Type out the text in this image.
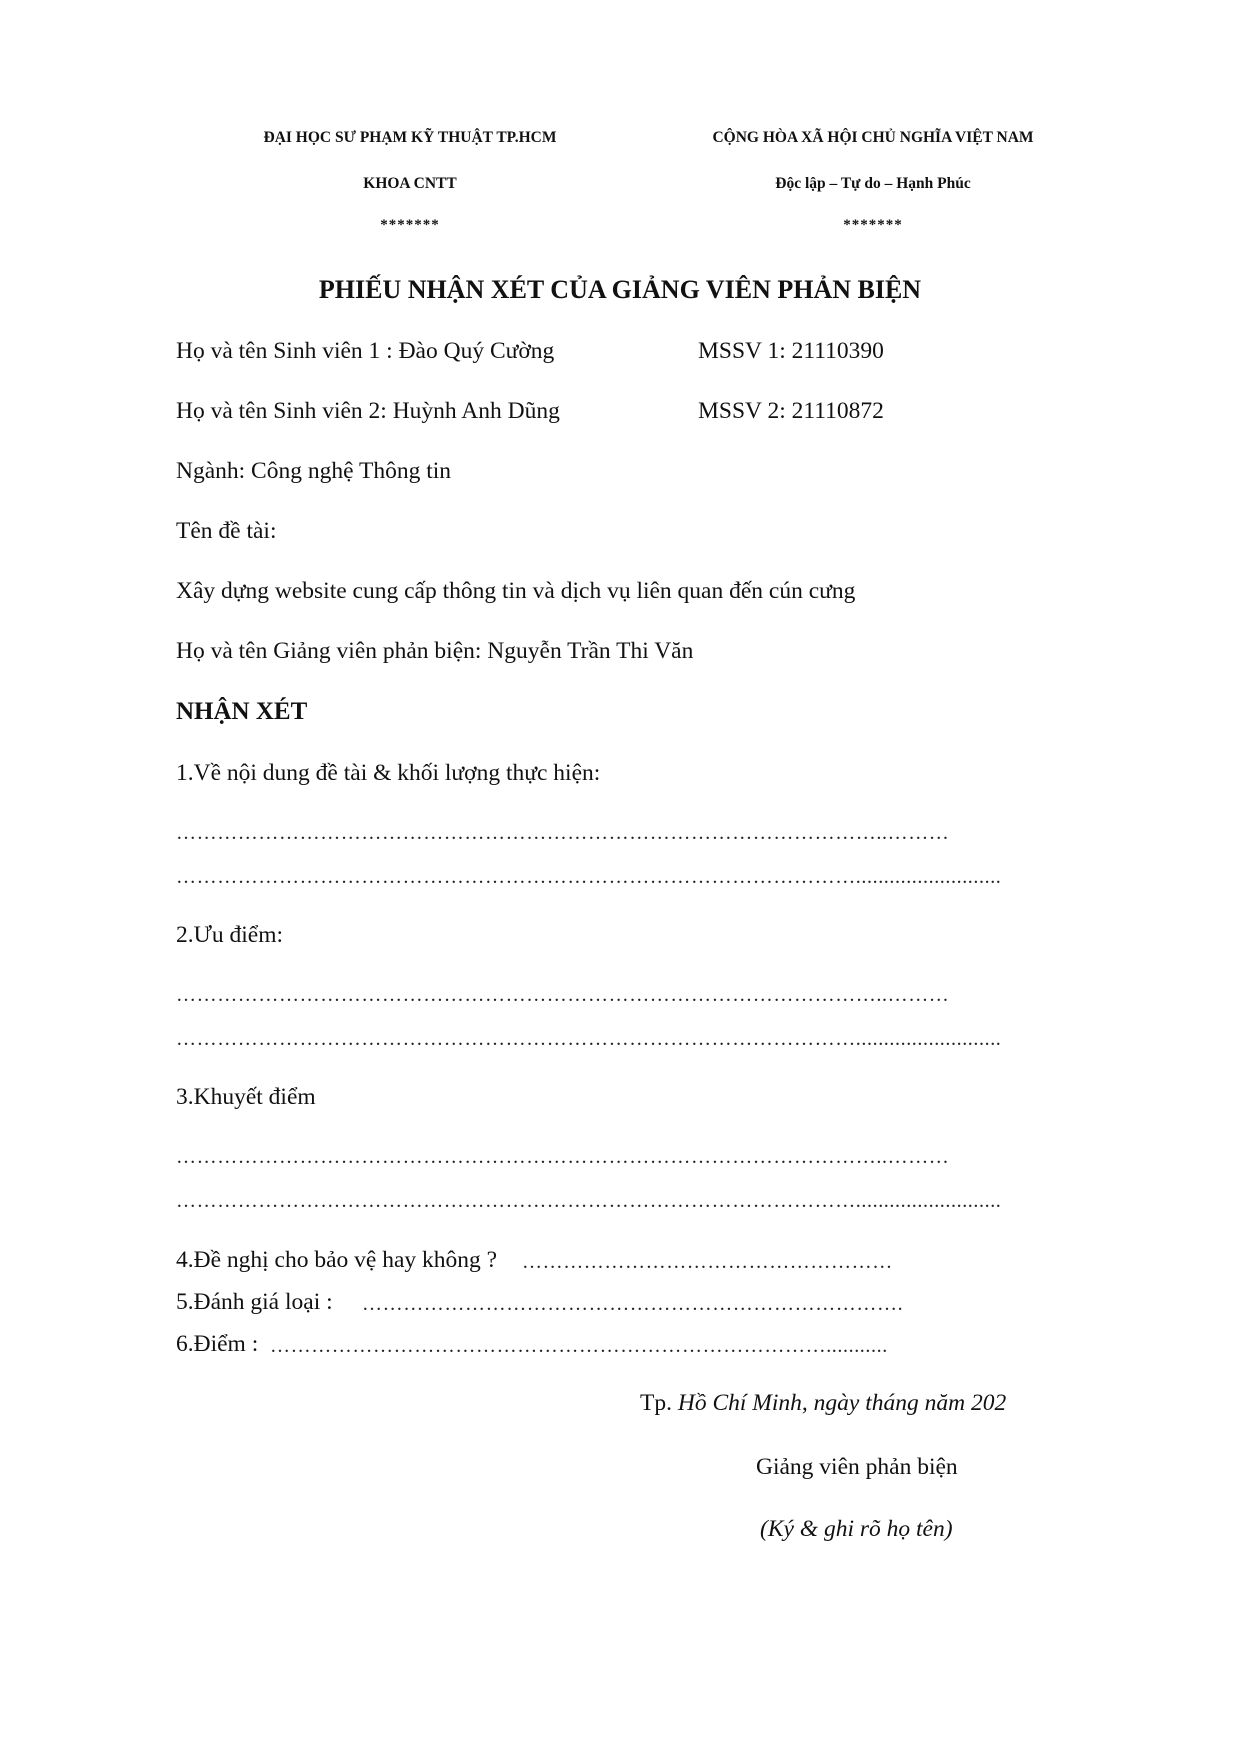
ĐẠI HỌC SƯ PHẠM KỸ THUẬT TP.HCM
KHOA CNTT
*******
CỘNG HÒA XÃ HỘI CHỦ NGHĨA VIỆT NAM
Độc lập – Tự do – Hạnh Phúc
*******
PHIẾU NHẬN XÉT CỦA GIẢNG VIÊN PHẢN BIỆN
Họ và tên Sinh viên 1 : Đào Quý Cường	MSSV 1: 21110390
Họ và tên Sinh viên 2: Huỳnh Anh Dũng	MSSV 2: 21110872
Ngành: Công nghệ Thông tin
Tên đề tài:
Xây dựng website cung cấp thông tin và dịch vụ liên quan đến cún cưng
Họ và tên Giảng viên phản biện: Nguyễn Trần Thi Văn
NHẬN XÉT
1.Về nội dung đề tài & khối lượng thực hiện:
…………………………………………………………………………………………..………
………………………………………………………………………………………..........................
2.Ưu điểm:
…………………………………………………………………………………………..………
………………………………………………………………………………………..........................
3.Khuyết điểm
…………………………………………………………………………………………..………
………………………………………………………………………………………..........................
4.Đề nghị cho bảo vệ hay không ? ………………………………………………
5.Đánh giá loại : …………………………………………………………………….
6.Điểm : ………………………………………………………………………...........
Tp. Hồ Chí Minh, ngày tháng năm 202
Giảng viên phản biện
(Ký & ghi rõ họ tên)
